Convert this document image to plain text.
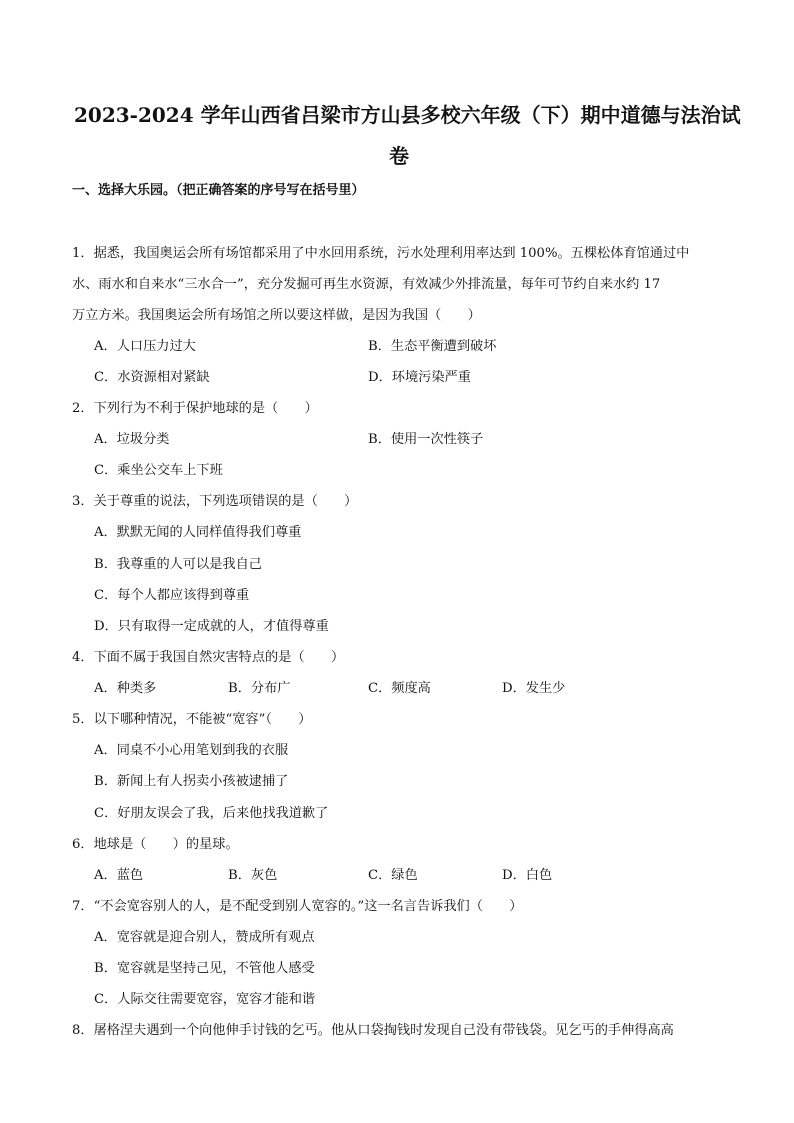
2023-2024 学年山西省吕梁市方山县多校六年级（下）期中道德与法治试
卷
一、选择大乐园。（把正确答案的序号写在括号里）
1．据悉，我国奥运会所有场馆都采用了中水回用系统，污水处理利用率达到 100%。五棵松体育馆通过中
水、雨水和自来水“三水合一”，充分发掘可再生水资源，有效减少外排流量，每年可节约自来水约 17
万立方米。我国奥运会所有场馆之所以要这样做，是因为我国（　　）
A．人口压力过大	B．生态平衡遭到破坏
C．水资源相对紧缺	D．环境污染严重
2．下列行为不利于保护地球的是（　　）
A．垃圾分类	B．使用一次性筷子
C．乘坐公交车上下班
3．关于尊重的说法，下列选项错误的是（　　）
A．默默无闻的人同样值得我们尊重
B．我尊重的人可以是我自己
C．每个人都应该得到尊重
D．只有取得一定成就的人，才值得尊重
4．下面不属于我国自然灾害特点的是（　　）
A．种类多	B．分布广	C．频度高	D．发生少
5．以下哪种情况，不能被“宽容”（　　）
A．同桌不小心用笔划到我的衣服
B．新闻上有人拐卖小孩被逮捕了
C．好朋友误会了我，后来他找我道歉了
6．地球是（　　）的星球。
A．蓝色	B．灰色	C．绿色	D．白色
7．“不会宽容别人的人，是不配受到别人宽容的。”这一名言告诉我们（　　）
A．宽容就是迎合别人，赞成所有观点
B．宽容就是坚持己见，不管他人感受
C．人际交往需要宽容，宽容才能和谐
8．屠格涅夫遇到一个向他伸手讨钱的乞丐。他从口袋掏钱时发现自己没有带钱袋。见乞丐的手伸得高高
